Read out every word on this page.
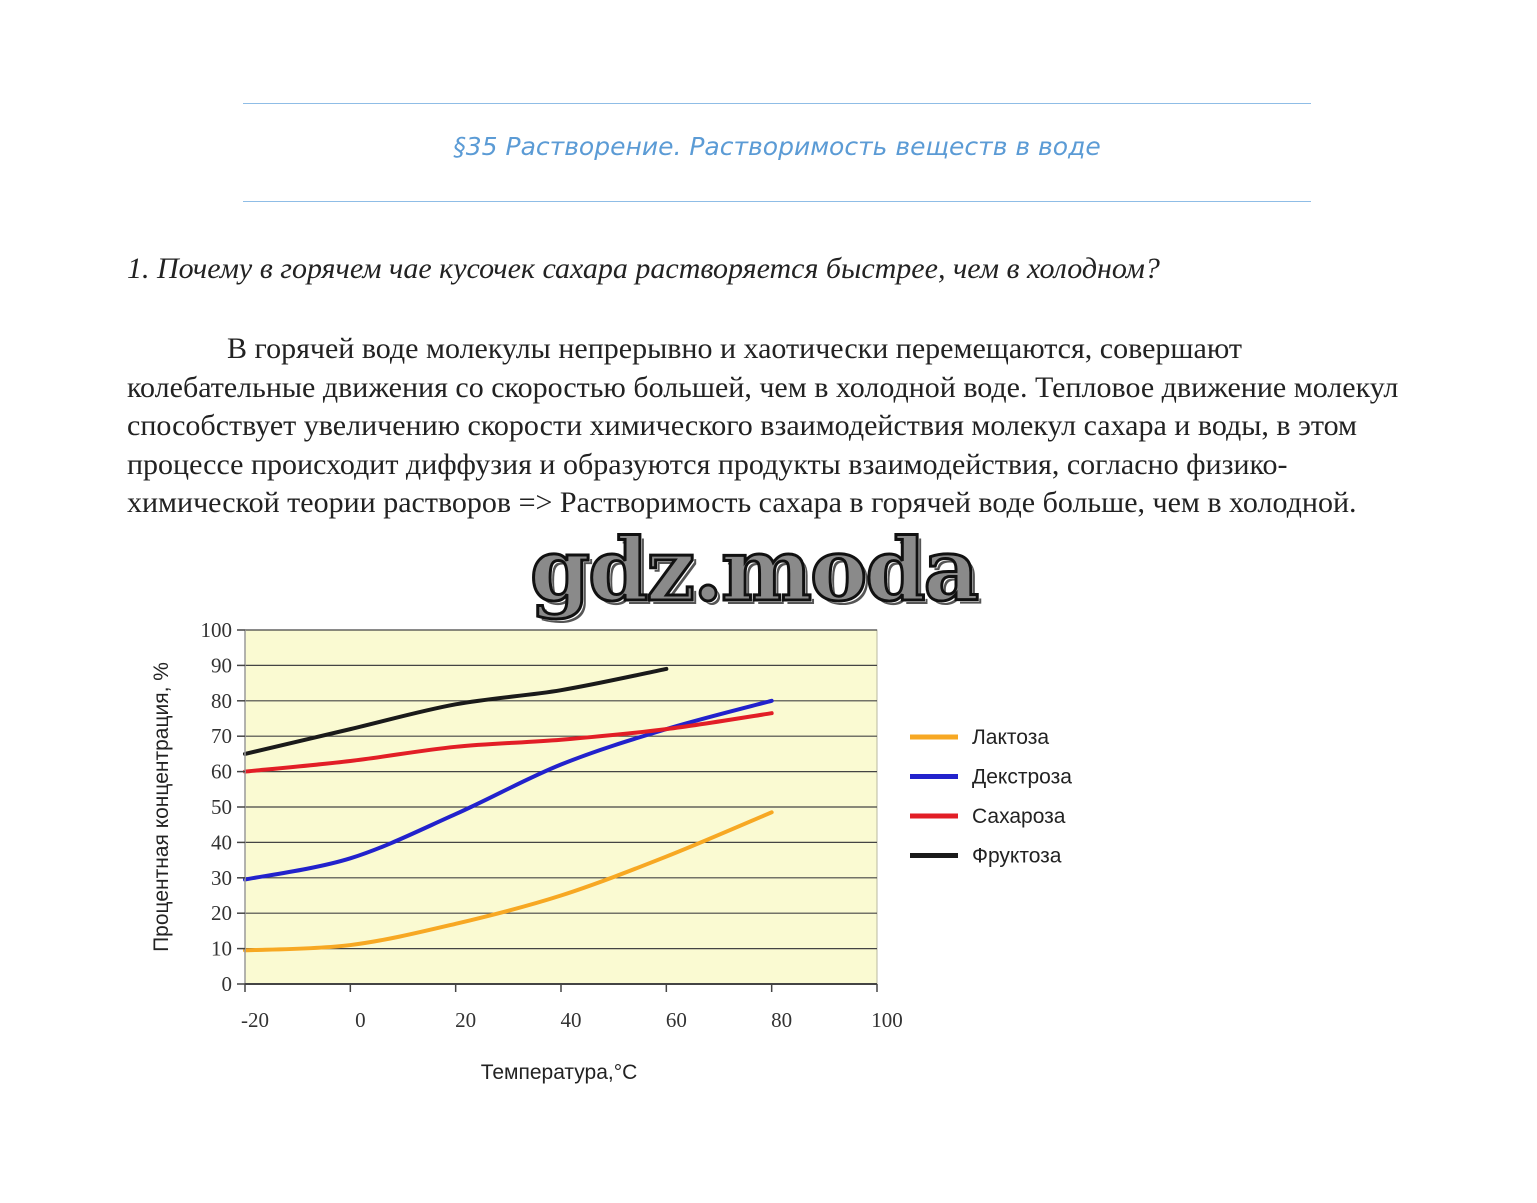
§35 Растворение. Растворимость веществ в воде
1. Почему в горячем чае кусочек сахара растворяется быстрее, чем в холодном?
В горячей воде молекулы непрерывно и хаотически перемещаются, совершают колебательные движения со скоростью большей, чем в холодной воде. Тепловое движение молекул способствует увеличению скорости химического взаимодействия молекул сахара и воды, в этом процессе происходит диффузия и образуются продукты взаимодействия, согласно физико-химической теории растворов => Растворимость сахара в горячей воде больше, чем в холодной.
-20	0	20	40	60	80	100
0
10
20
30
40
50
60
70
80
90
100
Температура,°С
Процентная концентрация, %	Лактоза
Декстроза
Сахароза
Фруктоза
gdz.moda
